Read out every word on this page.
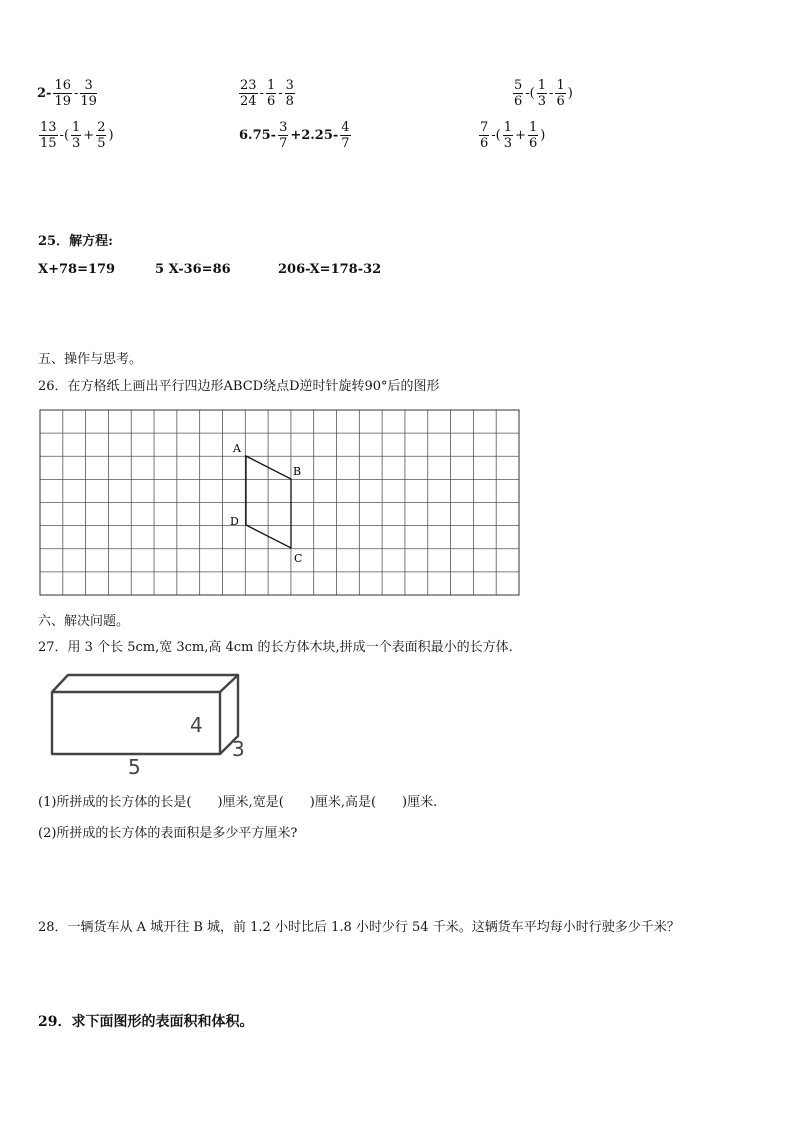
$2- \frac{16}{19} - \frac{3}{19}$	$\frac{23}{24} - \frac{1}{6} - \frac{3}{8}$	$\frac{5}{6}$ -( $\frac{1}{3} - \frac{1}{6}$ )
$\frac{13}{15}$ -( $\frac{1}{3} + \frac{2}{5}$ )	$6.75- \frac{3}{7} +2.25- \frac{4}{7}$	$\frac{7}{6}$ -( $\frac{1}{3} + \frac{1}{6}$ )
25．解方程:
X+78=179	5 X-36=86	206-X=178-32
五、操作与思考。
26．在方格纸上画出平行四边形ABCD绕点D逆时针旋转90°后的图形
A
B
C
D
六、解决问题。
27．用 3 个长 5cm,宽 3cm,高 4cm 的长方体木块,拼成一个表面积最小的长方体.
4
3
5
(1)所拼成的长方体的长是(　　)厘米,宽是(　　)厘米,高是(　　)厘米.
(2)所拼成的长方体的表面积是多少平方厘米?
28．一辆货车从 A 城开往 B 城，前 1.2 小时比后 1.8 小时少行 54 千米。这辆货车平均每小时行驶多少千米？
29．求下面图形的表面积和体积。
